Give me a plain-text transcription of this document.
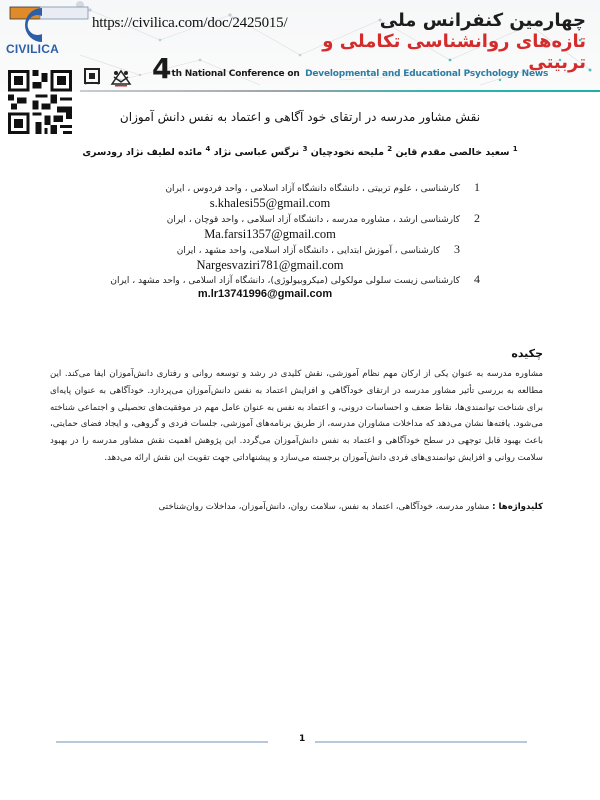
چهارمین کنفرانس ملی تازه‌های روانشناسی تکاملی و تربیتی
4th National Conference on Developmental and Educational Psychology News
CIVILICA
https://civilica.com/doc/2425015/
نقش مشاور مدرسه در ارتقای خود آگاهی و اعتماد به نفس دانش آموزان
$^1$ سعید خالصی مقدم قاین $^2$ ملیحه نخودچیان $^3$ نرگس عباسی نژاد $^4$ مائده لطیف نژاد رودسری
1
کارشناسی ، علوم تربیتی ، دانشگاه دانشگاه آزاد اسلامی ، واحد فردوس ، ایران
s.khalesi55@gmail.com
2
کارشناسی ارشد ، مشاوره مدرسه ، دانشگاه آزاد اسلامی ، واحد قوچان ، ایران
Ma.farsi1357@gmail.com
3
کارشناسی ، آموزش ابتدایی ، دانشگاه آزاد اسلامی، واحد مشهد ، ایران
Nargesvaziri781@gmail.com
4
کارشناسی زیست سلولی مولکولی (میکروبیولوژی)، دانشگاه آزاد اسلامی ، واحد مشهد ، ایران
m.lr13741996@gmail.com
چکیده
مشاوره مدرسه به عنوان یکی از ارکان مهم نظام آموزشی، نقش کلیدی در رشد و توسعه روانی و رفتاری دانش‌آموزان ایفا می‌کند. این مطالعه به بررسی تأثیر مشاور مدرسه در ارتقای خودآگاهی و افزایش اعتماد به نفس دانش‌آموزان می‌پردازد. خودآگاهی به عنوان پایه‌ای برای شناخت توانمندی‌ها، نقاط ضعف و احساسات درونی، و اعتماد به نفس به عنوان عامل مهم در موفقیت‌های تحصیلی و اجتماعی شناخته می‌شود. یافته‌ها نشان می‌دهد که مداخلات مشاوران مدرسه، از طریق برنامه‌های آموزشی، جلسات فردی و گروهی، و ایجاد فضای حمایتی، باعث بهبود قابل توجهی در سطح خودآگاهی و اعتماد به نفس دانش‌آموزان می‌گردد. این پژوهش اهمیت نقش مشاور مدرسه را در بهبود سلامت روانی و افزایش توانمندی‌های فردی دانش‌آموزان برجسته می‌سازد و پیشنهاداتی جهت تقویت این نقش ارائه می‌دهد.
کلیدواژه‌ها : مشاور مدرسه، خودآگاهی، اعتماد به نفس، سلامت روان، دانش‌آموزان، مداخلات روان‌شناختی
1
